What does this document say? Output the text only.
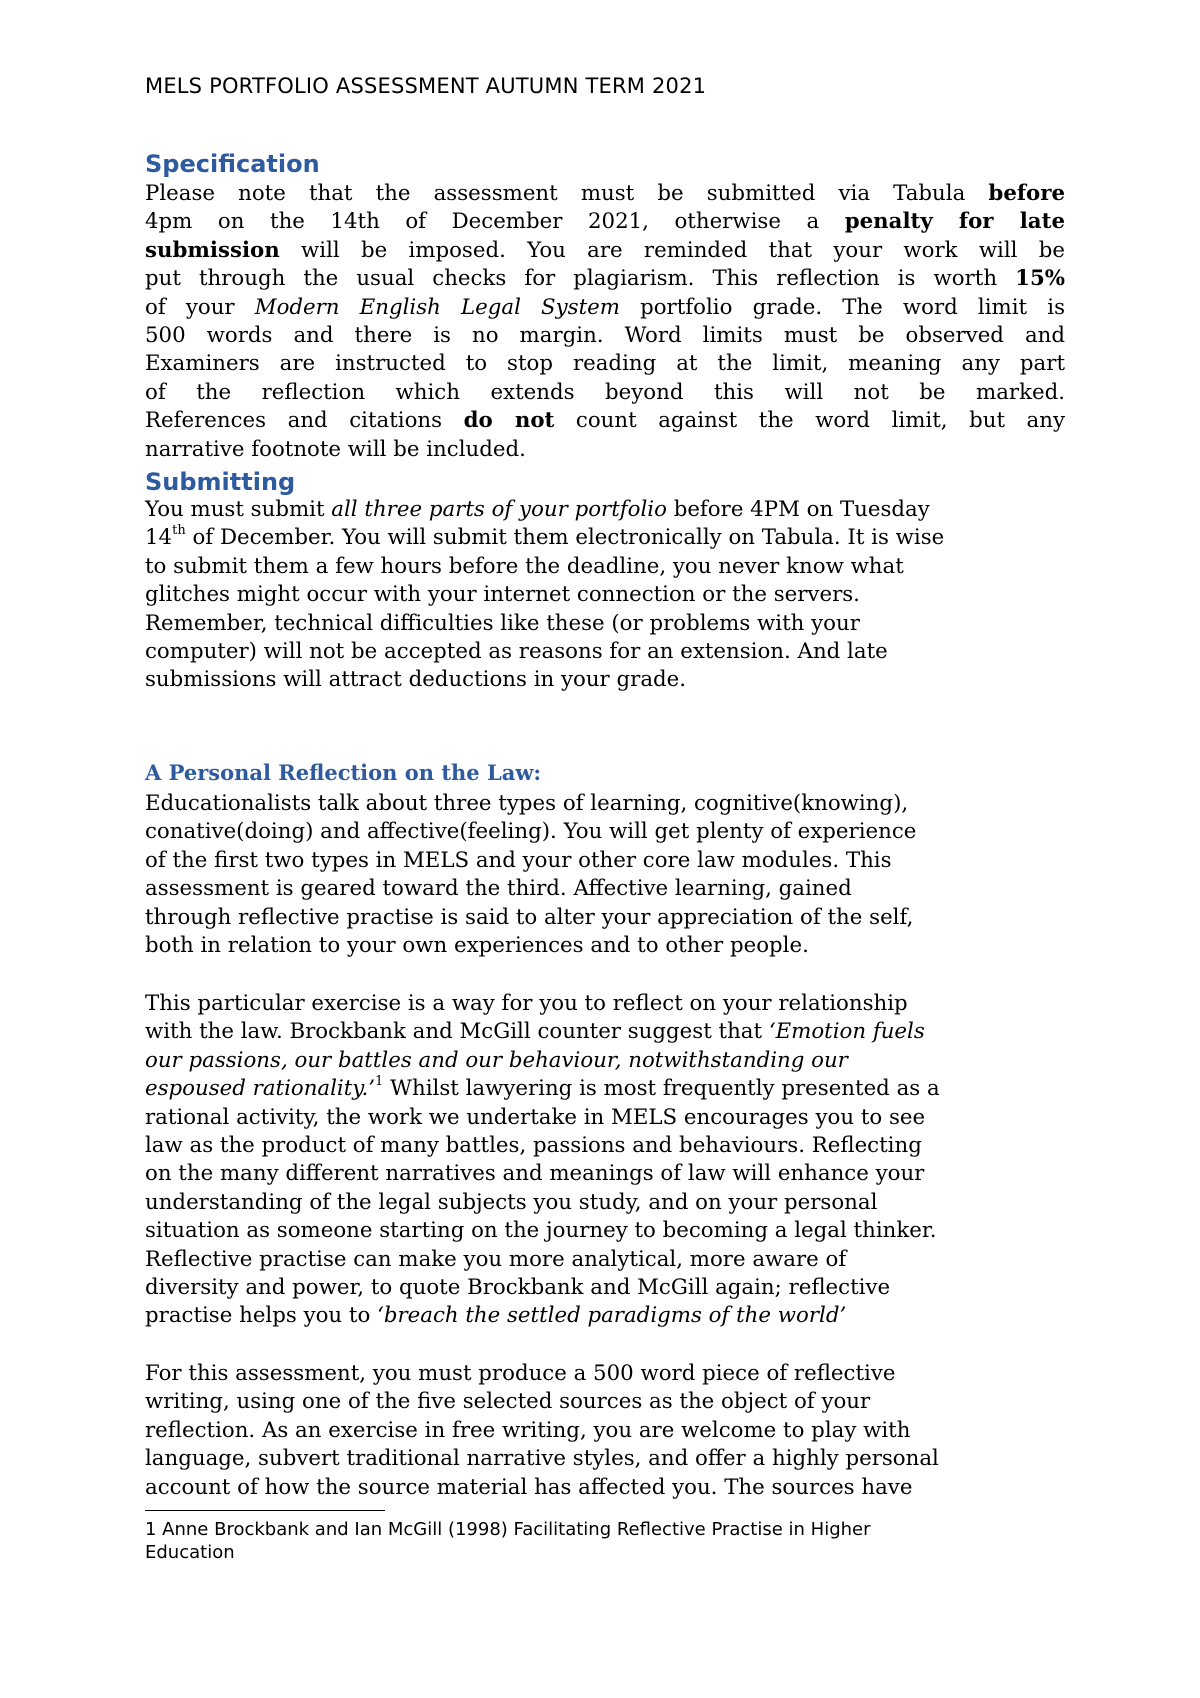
MELS PORTFOLIO ASSESSMENT AUTUMN TERM 2021
Specification
Please note that the assessment must be submitted via Tabula before
4pm on the 14th of December 2021, otherwise a penalty for late
submission will be imposed. You are reminded that your work will be
put through the usual checks for plagiarism. This reflection is worth 15%
of your Modern English Legal System portfolio grade. The word limit is
500 words and there is no margin. Word limits must be observed and
Examiners are instructed to stop reading at the limit, meaning any part
of the reflection which extends beyond this will not be marked.
References and citations do not count against the word limit, but any
narrative footnote will be included.
Submitting
You must submit all three parts of your portfolio before 4PM on Tuesday
14th of December. You will submit them electronically on Tabula. It is wise
to submit them a few hours before the deadline, you never know what
glitches might occur with your internet connection or the servers.
Remember, technical difficulties like these (or problems with your
computer) will not be accepted as reasons for an extension. And late
submissions will attract deductions in your grade.
A Personal Reflection on the Law:
Educationalists talk about three types of learning, cognitive(knowing),
conative(doing) and affective(feeling). You will get plenty of experience
of the first two types in MELS and your other core law modules. This
assessment is geared toward the third. Affective learning, gained
through reflective practise is said to alter your appreciation of the self,
both in relation to your own experiences and to other people.
This particular exercise is a way for you to reflect on your relationship
with the law. Brockbank and McGill counter suggest that ‘Emotion fuels
our passions, our battles and our behaviour, notwithstanding our
espoused rationality.’$^1$ Whilst lawyering is most frequently presented as a
rational activity, the work we undertake in MELS encourages you to see
law as the product of many battles, passions and behaviours. Reflecting
on the many different narratives and meanings of law will enhance your
understanding of the legal subjects you study, and on your personal
situation as someone starting on the journey to becoming a legal thinker.
Reflective practise can make you more analytical, more aware of
diversity and power, to quote Brockbank and McGill again; reflective
practise helps you to ‘breach the settled paradigms of the world’
For this assessment, you must produce a 500 word piece of reflective
writing, using one of the five selected sources as the object of your
reflection. As an exercise in free writing, you are welcome to play with
language, subvert traditional narrative styles, and offer a highly personal
account of how the source material has affected you. The sources have
1 Anne Brockbank and Ian McGill (1998) Facilitating Reflective Practise in Higher
Education
